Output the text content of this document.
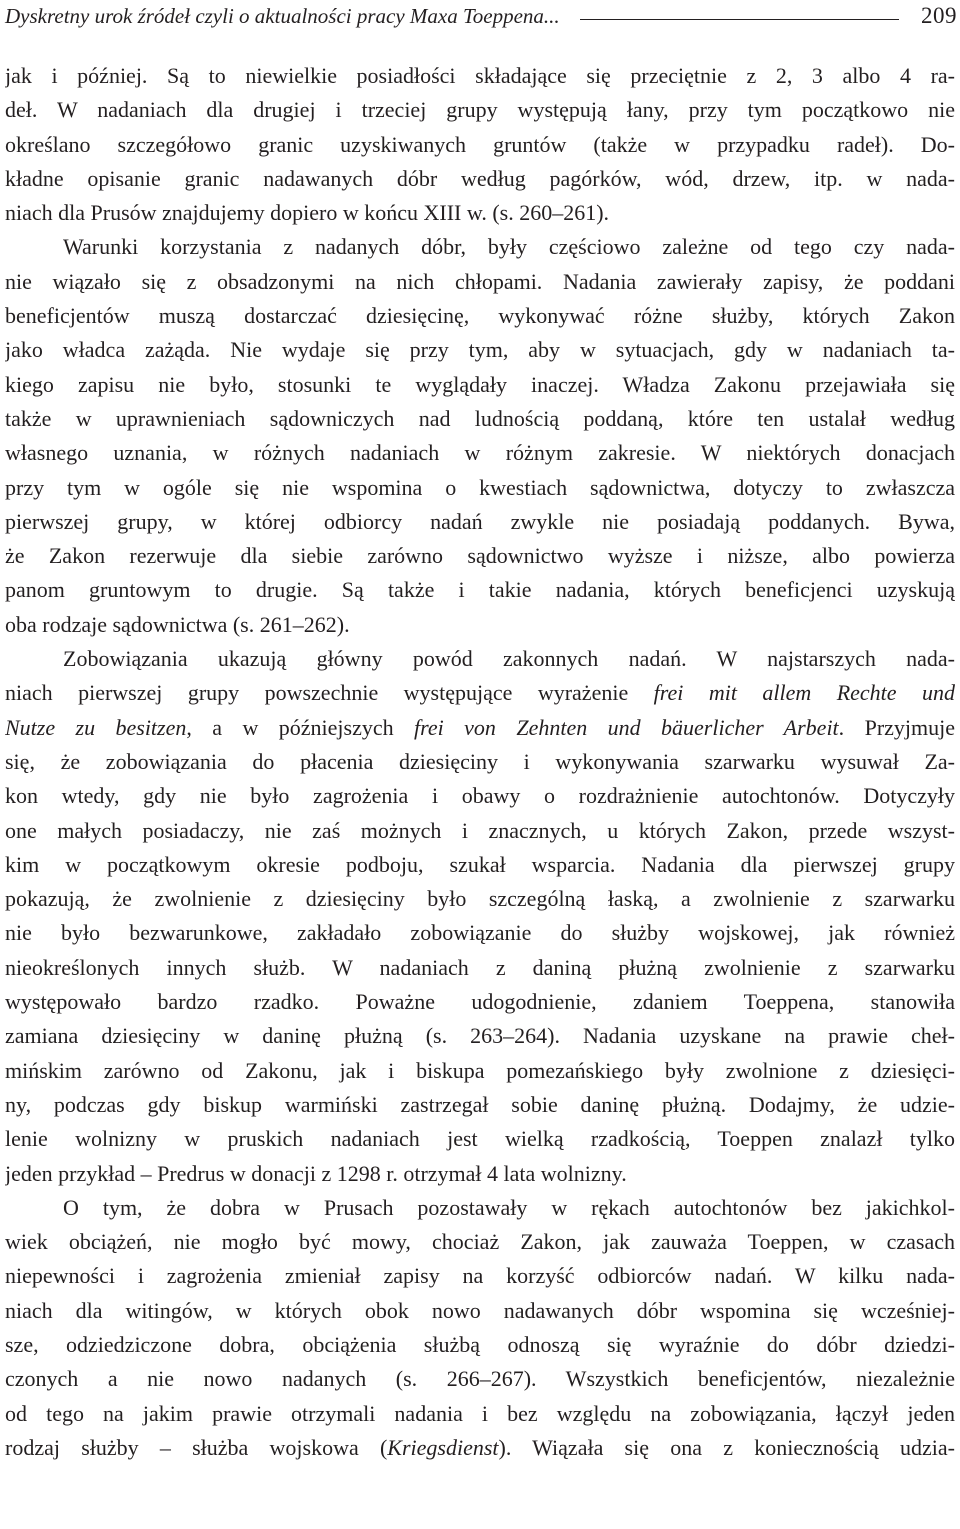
Dyskretny urok źródeł czyli o aktualności pracy Maxa Toeppena...	209
jak i później. Są to niewielkie posiadłości składające się przeciętnie z 2, 3 albo 4 ra-
deł. W nadaniach dla drugiej i trzeciej grupy występują łany, przy tym początkowo nie
określano szczegółowo granic uzyskiwanych gruntów (także w przypadku radeł). Do-
kładne opisanie granic nadawanych dóbr według pagórków, wód, drzew, itp. w nada-
niach dla Prusów znajdujemy dopiero w końcu XIII w. (s. 260–261).
Warunki korzystania z nadanych dóbr, były częściowo zależne od tego czy nada-
nie wiązało się z obsadzonymi na nich chłopami. Nadania zawierały zapisy, że poddani
beneficjentów muszą dostarczać dziesięcinę, wykonywać różne służby, których Zakon
jako władca zażąda. Nie wydaje się przy tym, aby w sytuacjach, gdy w nadaniach ta-
kiego zapisu nie było, stosunki te wyglądały inaczej. Władza Zakonu przejawiała się
także w uprawnieniach sądowniczych nad ludnością poddaną, które ten ustalał według
własnego uznania, w różnych nadaniach w różnym zakresie. W niektórych donacjach
przy tym w ogóle się nie wspomina o kwestiach sądownictwa, dotyczy to zwłaszcza
pierwszej grupy, w której odbiorcy nadań zwykle nie posiadają poddanych. Bywa,
że Zakon rezerwuje dla siebie zarówno sądownictwo wyższe i niższe, albo powierza
panom gruntowym to drugie. Są także i takie nadania, których beneficjenci uzyskują
oba rodzaje sądownictwa (s. 261–262).
Zobowiązania ukazują główny powód zakonnych nadań. W najstarszych nada-
niach pierwszej grupy powszechnie występujące wyrażenie frei mit allem Rechte und
Nutze zu besitzen, a w późniejszych frei von Zehnten und bäuerlicher Arbeit. Przyjmuje
się, że zobowiązania do płacenia dziesięciny i wykonywania szarwarku wysuwał Za-
kon wtedy, gdy nie było zagrożenia i obawy o rozdrażnienie autochtonów. Dotyczyły
one małych posiadaczy, nie zaś możnych i znacznych, u których Zakon, przede wszyst-
kim w początkowym okresie podboju, szukał wsparcia. Nadania dla pierwszej grupy
pokazują, że zwolnienie z dziesięciny było szczególną łaską, a zwolnienie z szarwarku
nie było bezwarunkowe, zakładało zobowiązanie do służby wojskowej, jak również
nieokreślonych innych służb. W nadaniach z daniną płużną zwolnienie z szarwarku
występowało bardzo rzadko. Poważne udogodnienie, zdaniem Toeppena, stanowiła
zamiana dziesięciny w daninę płużną (s. 263–264). Nadania uzyskane na prawie cheł-
mińskim zarówno od Zakonu, jak i biskupa pomezańskiego były zwolnione z dziesięci-
ny, podczas gdy biskup warmiński zastrzegał sobie daninę płużną. Dodajmy, że udzie-
lenie wolnizny w pruskich nadaniach jest wielką rzadkością, Toeppen znalazł tylko
jeden przykład – Predrus w donacji z 1298 r. otrzymał 4 lata wolnizny.
O tym, że dobra w Prusach pozostawały w rękach autochtonów bez jakichkol-
wiek obciążeń, nie mogło być mowy, chociaż Zakon, jak zauważa Toeppen, w czasach
niepewności i zagrożenia zmieniał zapisy na korzyść odbiorców nadań. W kilku nada-
niach dla witingów, w których obok nowo nadawanych dóbr wspomina się wcześniej-
sze, odziedziczone dobra, obciążenia służbą odnoszą się wyraźnie do dóbr dziedzi-
czonych a nie nowo nadanych (s. 266–267). Wszystkich beneficjentów, niezależnie
od tego na jakim prawie otrzymali nadania i bez względu na zobowiązania, łączył jeden
rodzaj służby – służba wojskowa (Kriegsdienst). Wiązała się ona z koniecznością udzia-
